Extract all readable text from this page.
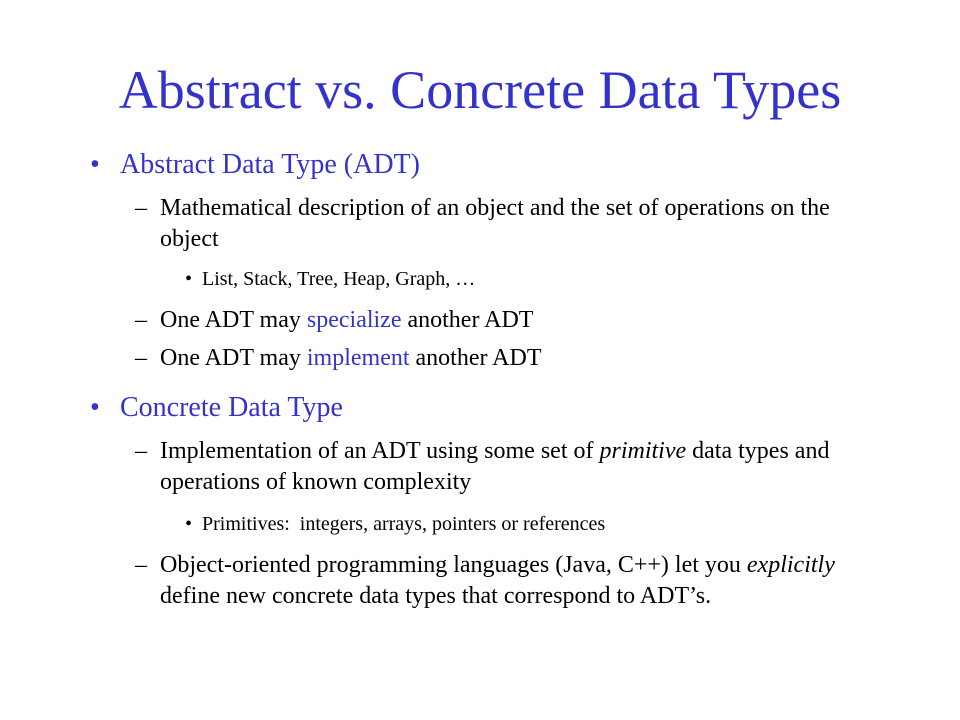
Abstract vs. Concrete Data Types
• Abstract Data Type (ADT)
– Mathematical description of an object and the set of operations on the object
• List, Stack, Tree, Heap, Graph, …
– One ADT may specialize another ADT
– One ADT may implement another ADT
• Concrete Data Type
– Implementation of an ADT using some set of primitive data types and operations of known complexity
• Primitives:  integers, arrays, pointers or references
– Object-oriented programming languages (Java, C++) let you explicitly define new concrete data types that correspond to ADT’s.
